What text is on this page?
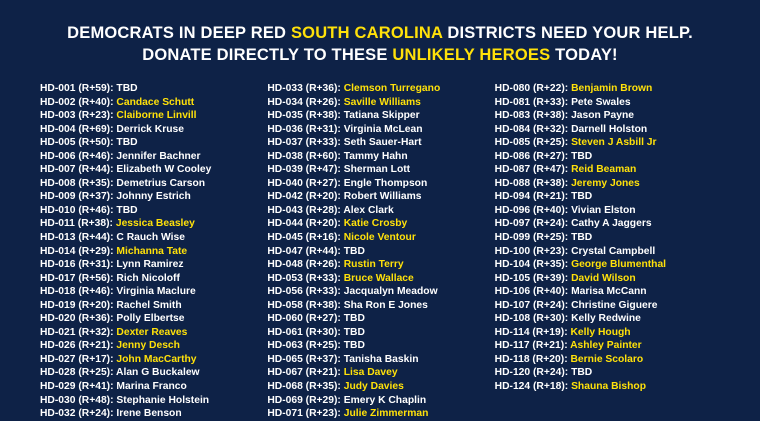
DEMOCRATS IN DEEP RED SOUTH CAROLINA DISTRICTS NEED YOUR HELP.
DONATE DIRECTLY TO THESE UNLIKELY HEROES TODAY!
HD-001 (R+59): TBD
HD-002 (R+40): Candace Schutt
HD-003 (R+23): Claiborne Linvill
HD-004 (R+69): Derrick Kruse
HD-005 (R+50): TBD
HD-006 (R+46): Jennifer Bachner
HD-007 (R+44): Elizabeth W Cooley
HD-008 (R+35): Demetrius Carson
HD-009 (R+37): Johnny Estrich
HD-010 (R+46): TBD
HD-011 (R+38): Jessica Beasley
HD-013 (R+44): C Rauch Wise
HD-014 (R+29): Michanna Tate
HD-016 (R+31): Lynn Ramirez
HD-017 (R+56): Rich Nicoloff
HD-018 (R+46): Virginia Maclure
HD-019 (R+20): Rachel Smith
HD-020 (R+36): Polly Elbertse
HD-021 (R+32): Dexter Reaves
HD-026 (R+21): Jenny Desch
HD-027 (R+17): John MacCarthy
HD-028 (R+25): Alan G Buckalew
HD-029 (R+41): Marina Franco
HD-030 (R+48): Stephanie Holstein
HD-032 (R+24): Irene Benson
HD-033 (R+36): Clemson Turregano
HD-034 (R+26): Saville Williams
HD-035 (R+38): Tatiana Skipper
HD-036 (R+31): Virginia McLean
HD-037 (R+33): Seth Sauer-Hart
HD-038 (R+60): Tammy Hahn
HD-039 (R+47): Sherman Lott
HD-040 (R+27): Engle Thompson
HD-042 (R+20): Robert Williams
HD-043 (R+28): Alex Clark
HD-044 (R+20): Katie Crosby
HD-045 (R+16): Nicole Ventour
HD-047 (R+44): TBD
HD-048 (R+26): Rustin Terry
HD-053 (R+33): Bruce Wallace
HD-056 (R+33): Jacqualyn Meadow
HD-058 (R+38): Sha Ron E Jones
HD-060 (R+27): TBD
HD-061 (R+30): TBD
HD-063 (R+25): TBD
HD-065 (R+37): Tanisha Baskin
HD-067 (R+21): Lisa Davey
HD-068 (R+35): Judy Davies
HD-069 (R+29): Emery K Chaplin
HD-071 (R+23): Julie Zimmerman
HD-080 (R+22): Benjamin Brown
HD-081 (R+33): Pete Swales
HD-083 (R+38): Jason Payne
HD-084 (R+32): Darnell Holston
HD-085 (R+25): Steven J Asbill Jr
HD-086 (R+27): TBD
HD-087 (R+47): Reid Beaman
HD-088 (R+38): Jeremy Jones
HD-094 (R+21): TBD
HD-096 (R+40): Vivian Elston
HD-097 (R+24): Cathy A Jaggers
HD-099 (R+25): TBD
HD-100 (R+23): Crystal Campbell
HD-104 (R+35): George Blumenthal
HD-105 (R+39): David Wilson
HD-106 (R+40): Marisa McCann
HD-107 (R+24): Christine Giguere
HD-108 (R+30): Kelly Redwine
HD-114 (R+19): Kelly Hough
HD-117 (R+21): Ashley Painter
HD-118 (R+20): Bernie Scolaro
HD-120 (R+24): TBD
HD-124 (R+18): Shauna Bishop
